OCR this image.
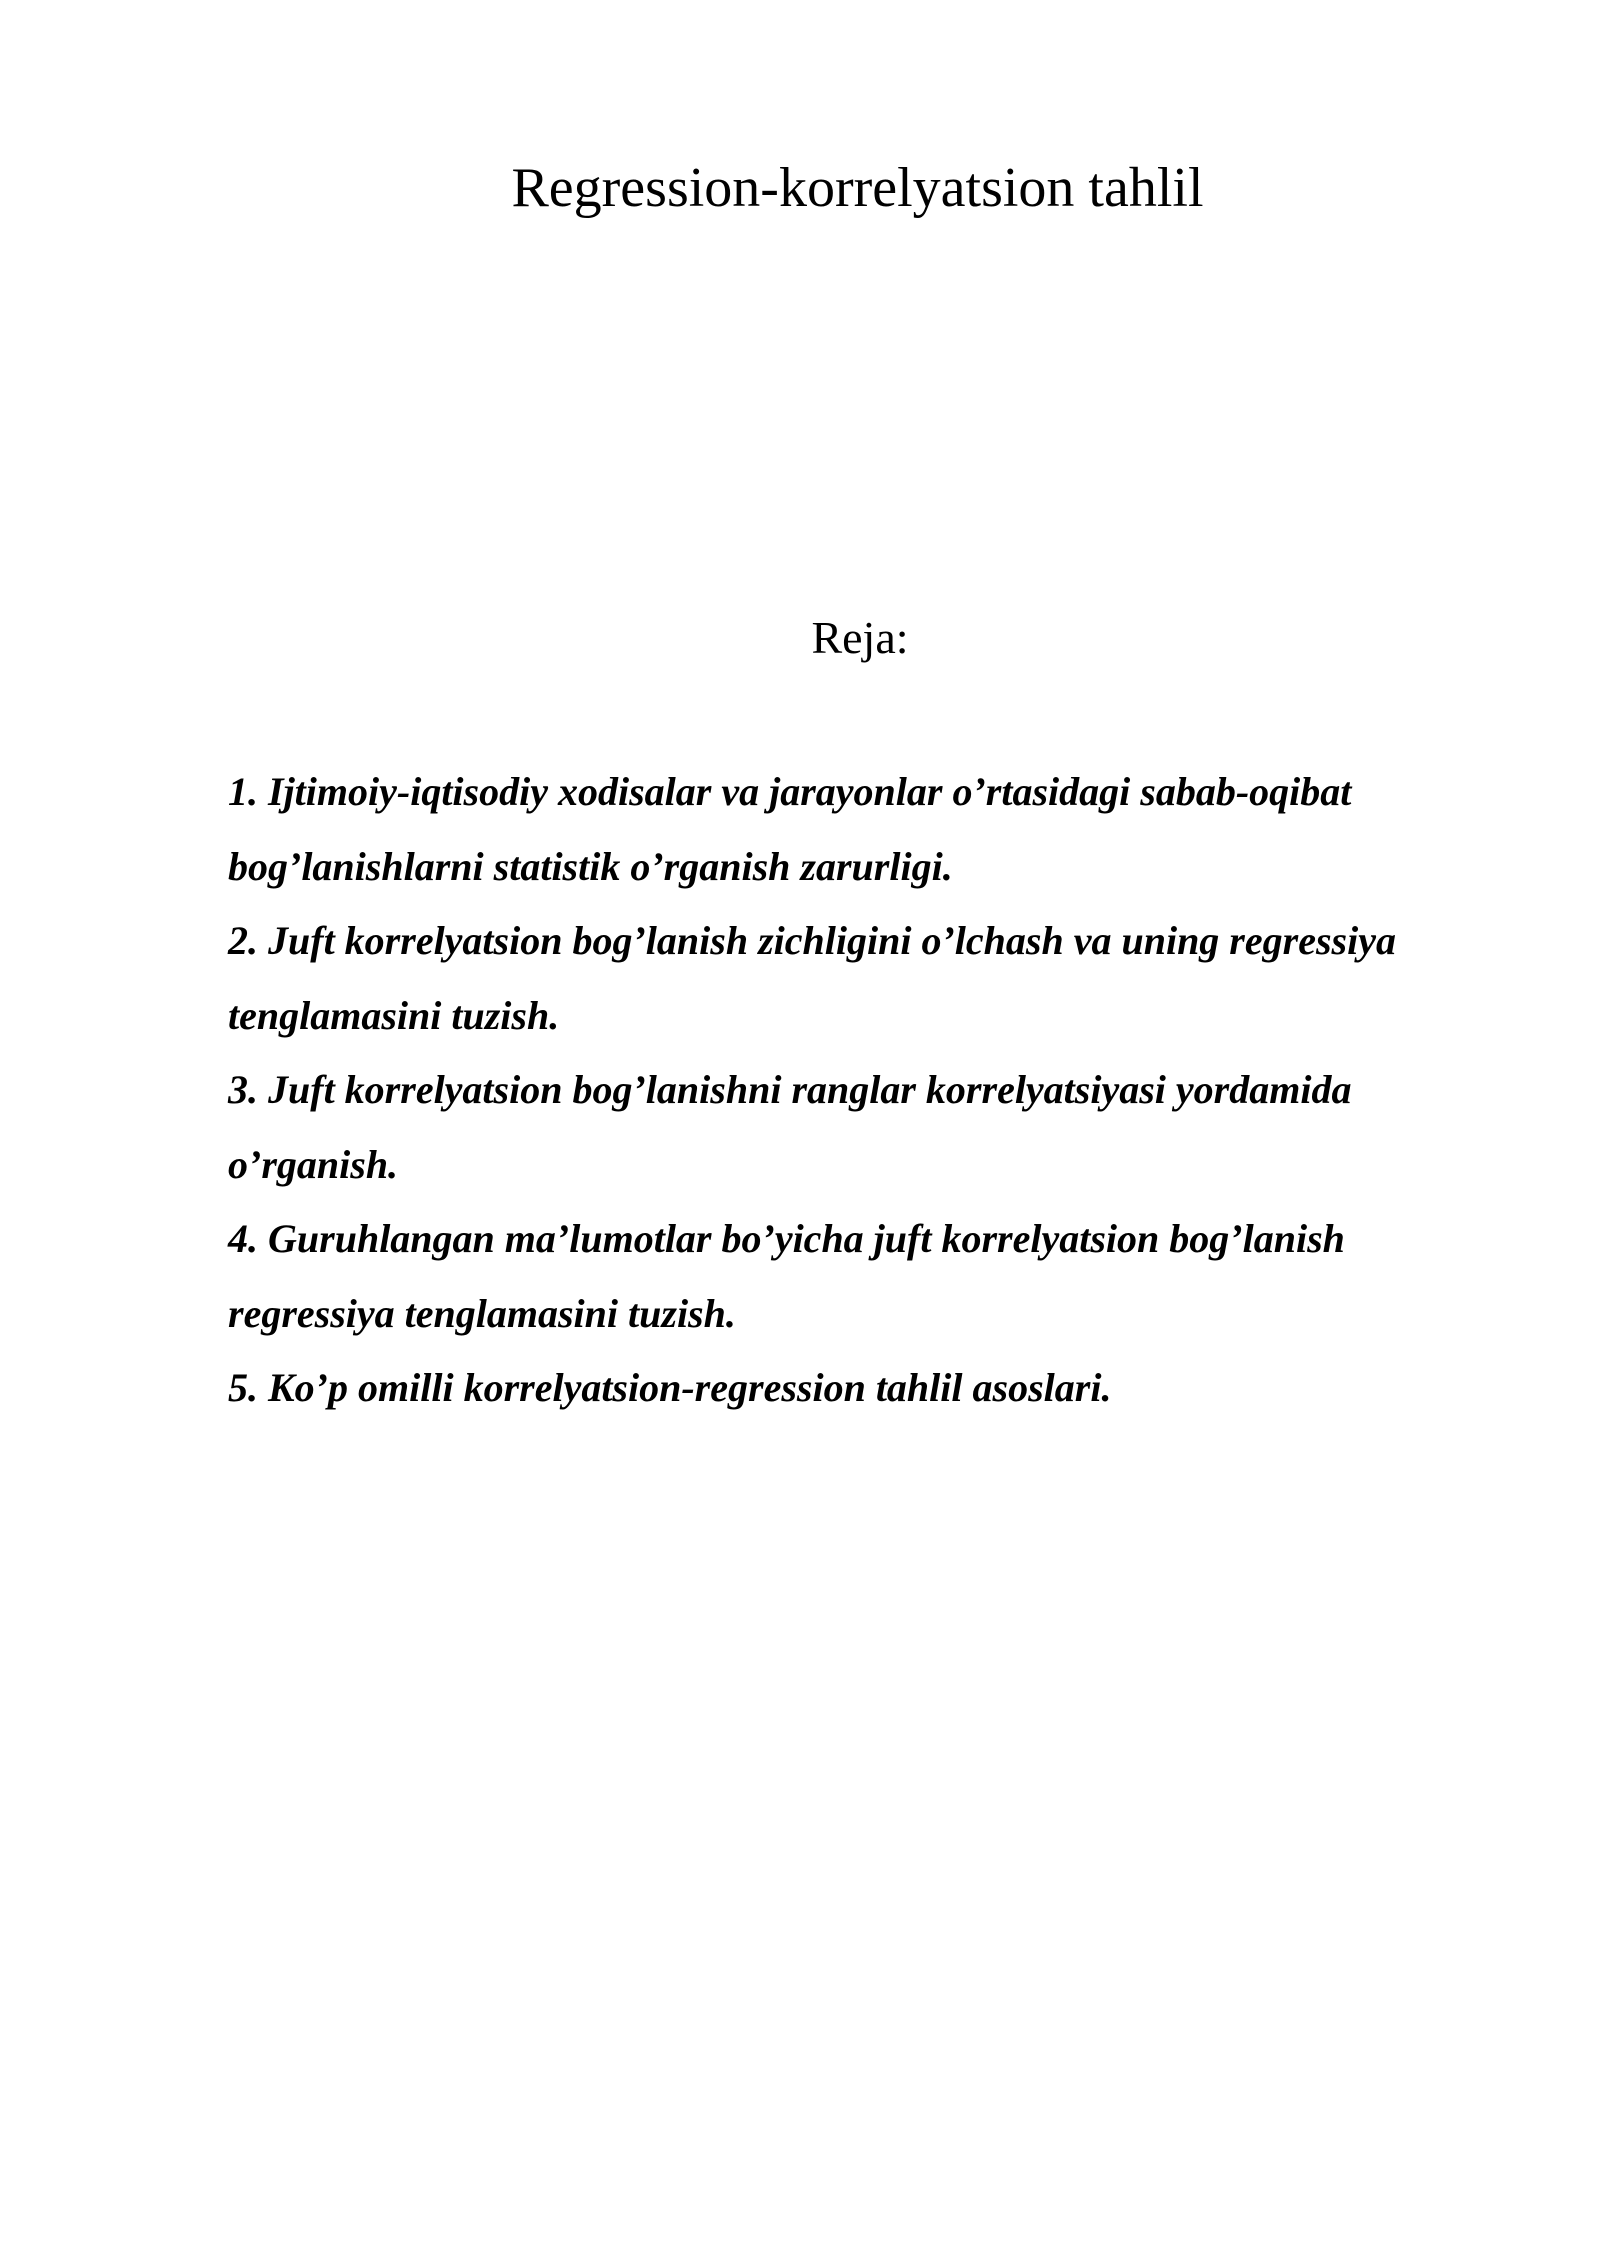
Regression-korrelyatsion tahlil
Reja:
1. Ijtimoiy-iqtisodiy xodisalar va jarayonlar o’rtasidagi sabab-oqibat
bog’lanishlarni statistik o’rganish zarurligi.
2. Juft korrelyatsion bog’lanish zichligini o’lchash va uning regressiya
tenglamasini tuzish.
3. Juft korrelyatsion bog’lanishni ranglar korrelyatsiyasi yordamida
o’rganish.
4. Guruhlangan ma’lumotlar bo’yicha juft korrelyatsion bog’lanish
regressiya tenglamasini tuzish.
5. Ko’p omilli korrelyatsion-regression tahlil asoslari.
